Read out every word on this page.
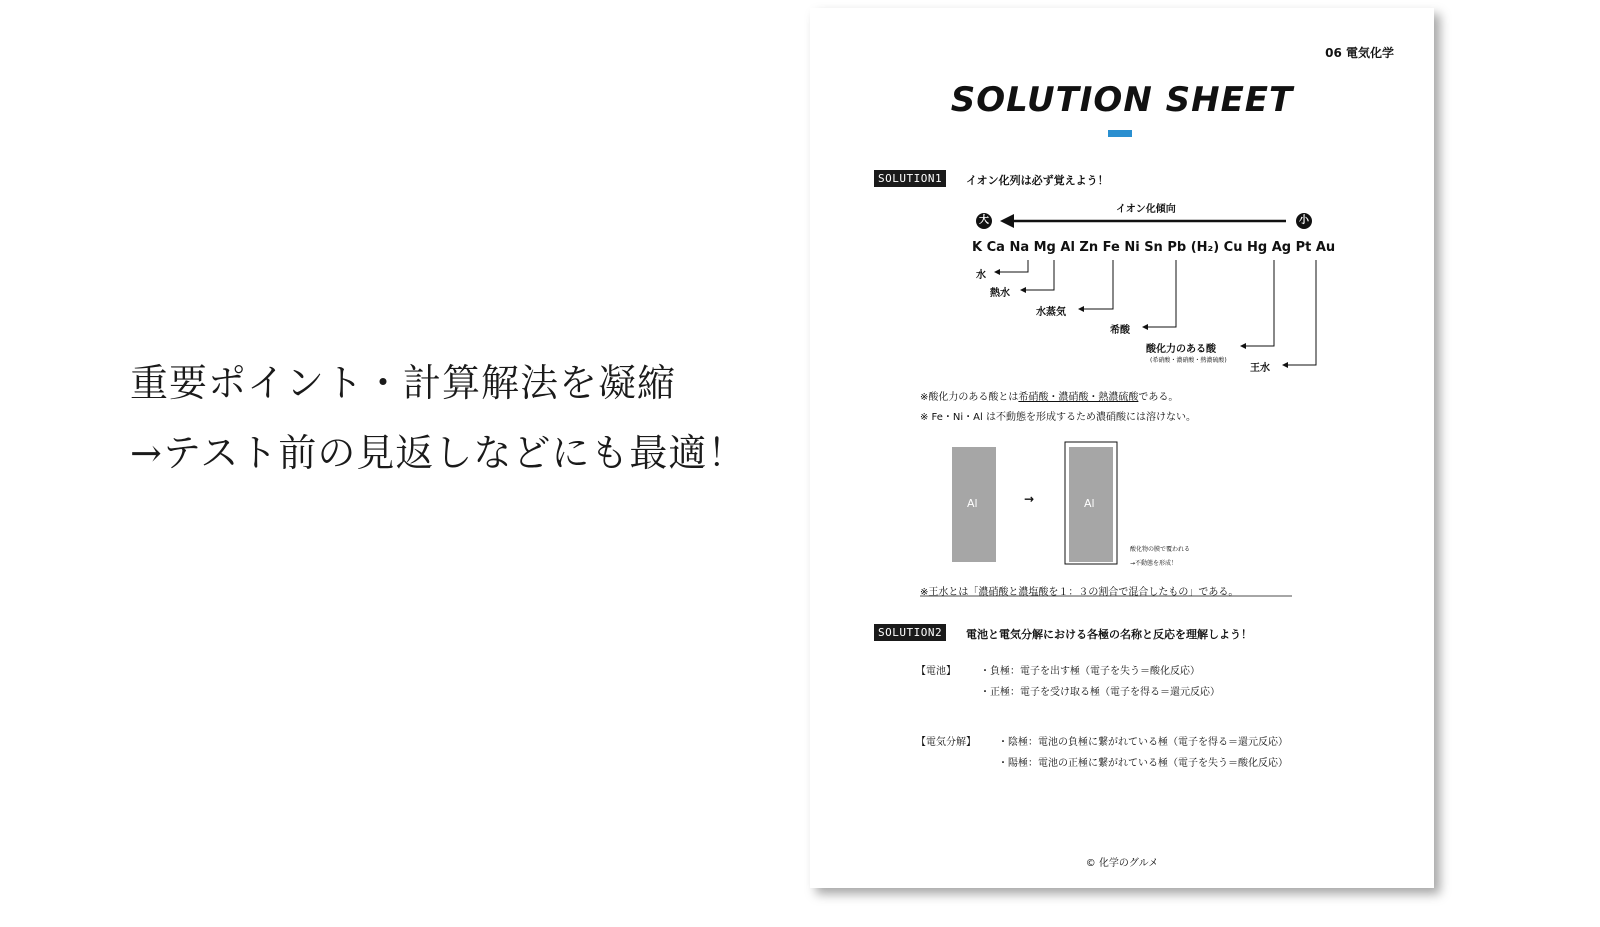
重要ポイント・計算解法を凝縮
→テスト前の見返しなどにも最適！
06 電気化学
SOLUTION SHEET
SOLUTION1	イオン化列は必ず覚えよう！
イオン化傾向
大	小
K Ca Na Mg Al Zn Fe Ni Sn Pb (H₂) Cu Hg Ag Pt Au
水
熱水
水蒸気
希酸
酸化力のある酸
(希硝酸・濃硝酸・熱濃硫酸)
王水
※酸化力のある酸とは希硝酸・濃硝酸・熱濃硫酸である。
※ Fe・Ni・Al は不動態を形成するため濃硝酸には溶けない。
Al	→	Al
酸化物の膜で覆われる
→不動態を形成！
※王水とは「濃硝酸と濃塩酸を１：３の割合で混合したもの」である。
SOLUTION2	電池と電気分解における各極の名称と反応を理解しよう！
【電池】 ・負極：電子を出す極（電子を失う＝酸化反応）
・正極：電子を受け取る極（電子を得る＝還元反応）
【電気分解】 ・陰極：電池の負極に繋がれている極（電子を得る＝還元反応）
・陽極：電池の正極に繋がれている極（電子を失う＝酸化反応）
© 化学のグルメ
